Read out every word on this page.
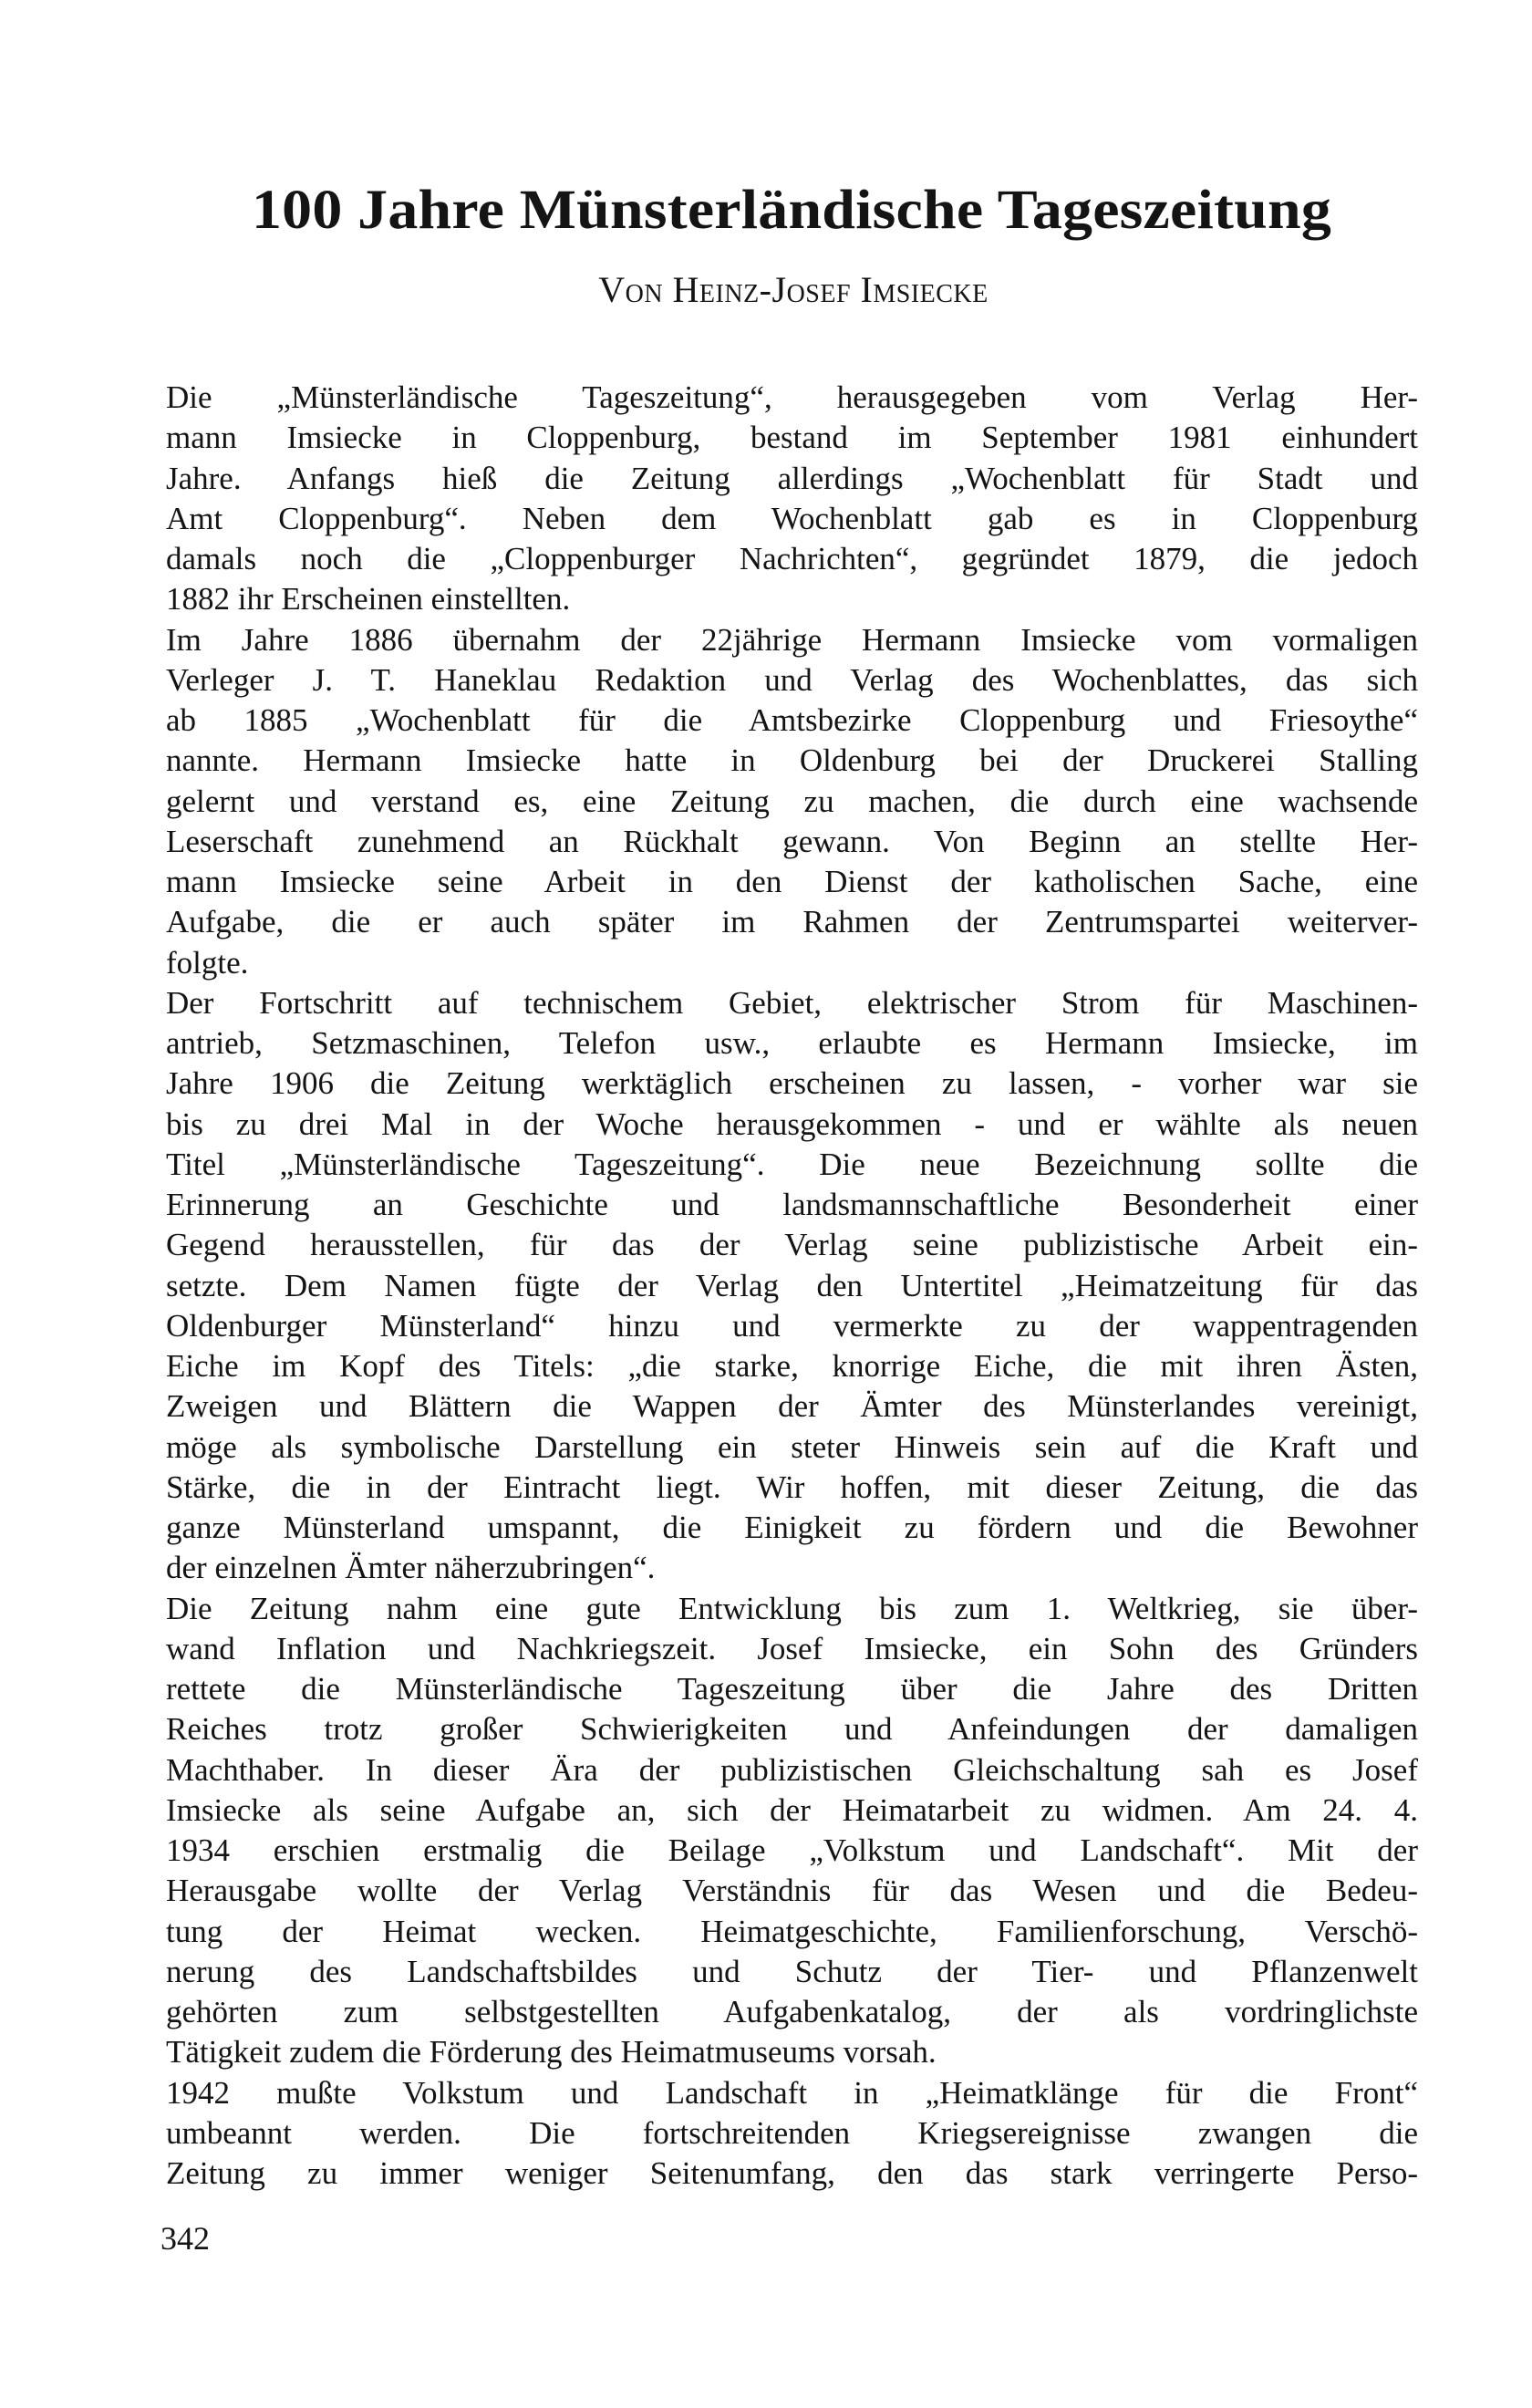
100 Jahre Münsterländische Tageszeitung
Von Heinz-Josef Imsiecke
Die „Münsterländische Tageszeitung“, herausgegeben vom Verlag Her-
mann Imsiecke in Cloppenburg, bestand im September 1981 einhundert
Jahre. Anfangs hieß die Zeitung allerdings „Wochenblatt für Stadt und
Amt Cloppenburg“. Neben dem Wochenblatt gab es in Cloppenburg
damals noch die „Cloppenburger Nachrichten“, gegründet 1879, die jedoch
1882 ihr Erscheinen einstellten.
Im Jahre 1886 übernahm der 22jährige Hermann Imsiecke vom vormaligen
Verleger J. T. Haneklau Redaktion und Verlag des Wochenblattes, das sich
ab 1885 „Wochenblatt für die Amtsbezirke Cloppenburg und Friesoythe“
nannte. Hermann Imsiecke hatte in Oldenburg bei der Druckerei Stalling
gelernt und verstand es, eine Zeitung zu machen, die durch eine wachsende
Leserschaft zunehmend an Rückhalt gewann. Von Beginn an stellte Her-
mann Imsiecke seine Arbeit in den Dienst der katholischen Sache, eine
Aufgabe, die er auch später im Rahmen der Zentrumspartei weiterver-
folgte.
Der Fortschritt auf technischem Gebiet, elektrischer Strom für Maschinen-
antrieb, Setzmaschinen, Telefon usw., erlaubte es Hermann Imsiecke, im
Jahre 1906 die Zeitung werktäglich erscheinen zu lassen, - vorher war sie
bis zu drei Mal in der Woche herausgekommen - und er wählte als neuen
Titel „Münsterländische Tageszeitung“. Die neue Bezeichnung sollte die
Erinnerung an Geschichte und landsmannschaftliche Besonderheit einer
Gegend herausstellen, für das der Verlag seine publizistische Arbeit ein-
setzte. Dem Namen fügte der Verlag den Untertitel „Heimatzeitung für das
Oldenburger Münsterland“ hinzu und vermerkte zu der wappentragenden
Eiche im Kopf des Titels: „die starke, knorrige Eiche, die mit ihren Ästen,
Zweigen und Blättern die Wappen der Ämter des Münsterlandes vereinigt,
möge als symbolische Darstellung ein steter Hinweis sein auf die Kraft und
Stärke, die in der Eintracht liegt. Wir hoffen, mit dieser Zeitung, die das
ganze Münsterland umspannt, die Einigkeit zu fördern und die Bewohner
der einzelnen Ämter näherzubringen“.
Die Zeitung nahm eine gute Entwicklung bis zum 1. Weltkrieg, sie über-
wand Inflation und Nachkriegszeit. Josef Imsiecke, ein Sohn des Gründers
rettete die Münsterländische Tageszeitung über die Jahre des Dritten
Reiches trotz großer Schwierigkeiten und Anfeindungen der damaligen
Machthaber. In dieser Ära der publizistischen Gleichschaltung sah es Josef
Imsiecke als seine Aufgabe an, sich der Heimatarbeit zu widmen. Am 24. 4.
1934 erschien erstmalig die Beilage „Volkstum und Landschaft“. Mit der
Herausgabe wollte der Verlag Verständnis für das Wesen und die Bedeu-
tung der Heimat wecken. Heimatgeschichte, Familienforschung, Verschö-
nerung des Landschaftsbildes und Schutz der Tier- und Pflanzenwelt
gehörten zum selbstgestellten Aufgabenkatalog, der als vordringlichste
Tätigkeit zudem die Förderung des Heimatmuseums vorsah.
1942 mußte Volkstum und Landschaft in „Heimatklänge für die Front“
umbeannt werden. Die fortschreitenden Kriegsereignisse zwangen die
Zeitung zu immer weniger Seitenumfang, den das stark verringerte Perso-
342
